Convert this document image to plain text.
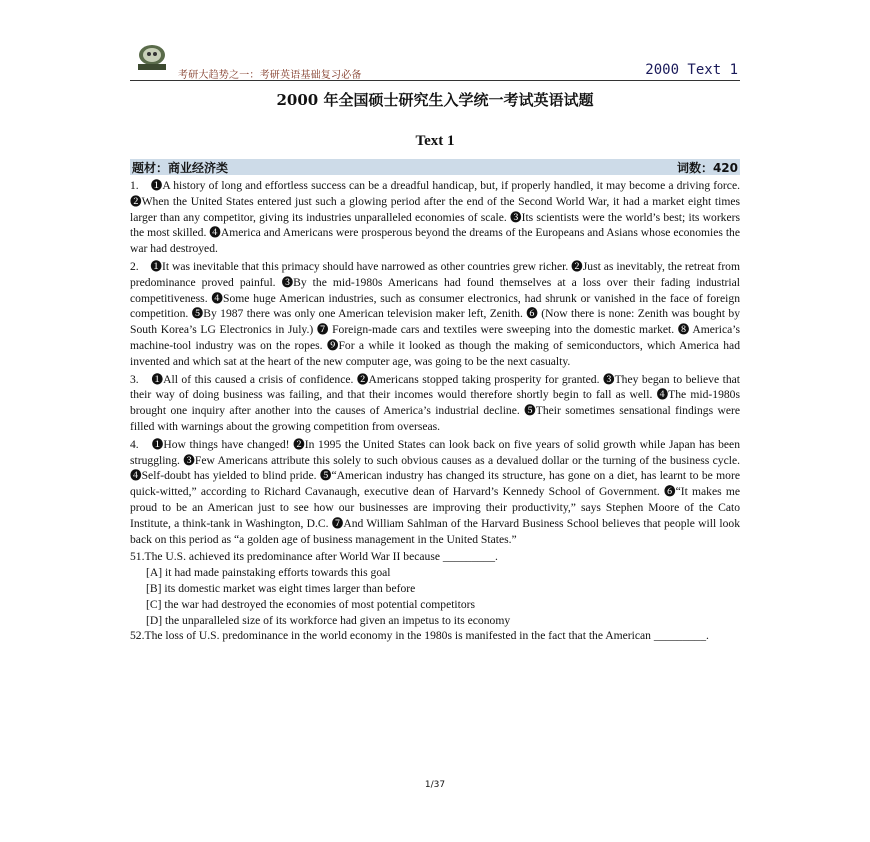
考研大趋势之一：考研英语基础复习必备	2000 Text 1
2000 年全国硕士研究生入学统一考试英语试题
Text 1
题材：商业经济类	词数：420

1.　➊A history of long and effortless success can be a dreadful handicap, but, if properly handled, it may become a driving force. ➋When the United States entered just such a glowing period after the end of the Second World War, it had a market eight times larger than any competitor, giving its industries unparalleled economies of scale. ➌Its scientists were the world’s best; its workers the most skilled. ➍America and Americans were prosperous beyond the dreams of the Europeans and Asians whose economies the war had destroyed.

2.　➊It was inevitable that this primacy should have narrowed as other countries grew richer. ➋Just as inevitably, the retreat from predominance proved painful. ➌By the mid-1980s Americans had found themselves at a loss over their fading industrial competitiveness. ➍Some huge American industries, such as consumer electronics, had shrunk or vanished in the face of foreign competition. ➎By 1987 there was only one American television maker left, Zenith. ➏ (Now there is none: Zenith was bought by South Korea’s LG Electronics in July.) ➐ Foreign-made cars and textiles were sweeping into the domestic market. ➑ America’s machine-tool industry was on the ropes. ➒For a while it looked as though the making of semiconductors, which America had invented and which sat at the heart of the new computer age, was going to be the next casualty.

3.　➊All of this caused a crisis of confidence. ➋Americans stopped taking prosperity for granted. ➌They began to believe that their way of doing business was failing, and that their incomes would therefore shortly begin to fall as well. ➍The mid-1980s brought one inquiry after another into the causes of America’s industrial decline. ➎Their sometimes sensational findings were filled with warnings about the growing competition from overseas.

4.　➊How things have changed! ➋In 1995 the United States can look back on five years of solid growth while Japan has been struggling. ➌Few Americans attribute this solely to such obvious causes as a devalued dollar or the turning of the business cycle. ➍Self-doubt has yielded to blind pride. ➎“American industry has changed its structure, has gone on a diet, has learnt to be more quick-witted,” according to Richard Cavanaugh, executive dean of Harvard’s Kennedy School of Government. ➏“It makes me proud to be an American just to see how our businesses are improving their productivity,” says Stephen Moore of the Cato Institute, a think-tank in Washington, D.C. ➐And William Sahlman of the Harvard Business School believes that people will look back on this period as “a golden age of business management in the United States.”

51.The U.S. achieved its predominance after World War II because _________.

[A] it had made painstaking efforts towards this goal

[B] its domestic market was eight times larger than before

[C] the war had destroyed the economies of most potential competitors

[D] the unparalleled size of its workforce had given an impetus to its economy

52.The loss of U.S. predominance in the world economy in the 1980s is manifested in the fact that the American _________.

1/37
